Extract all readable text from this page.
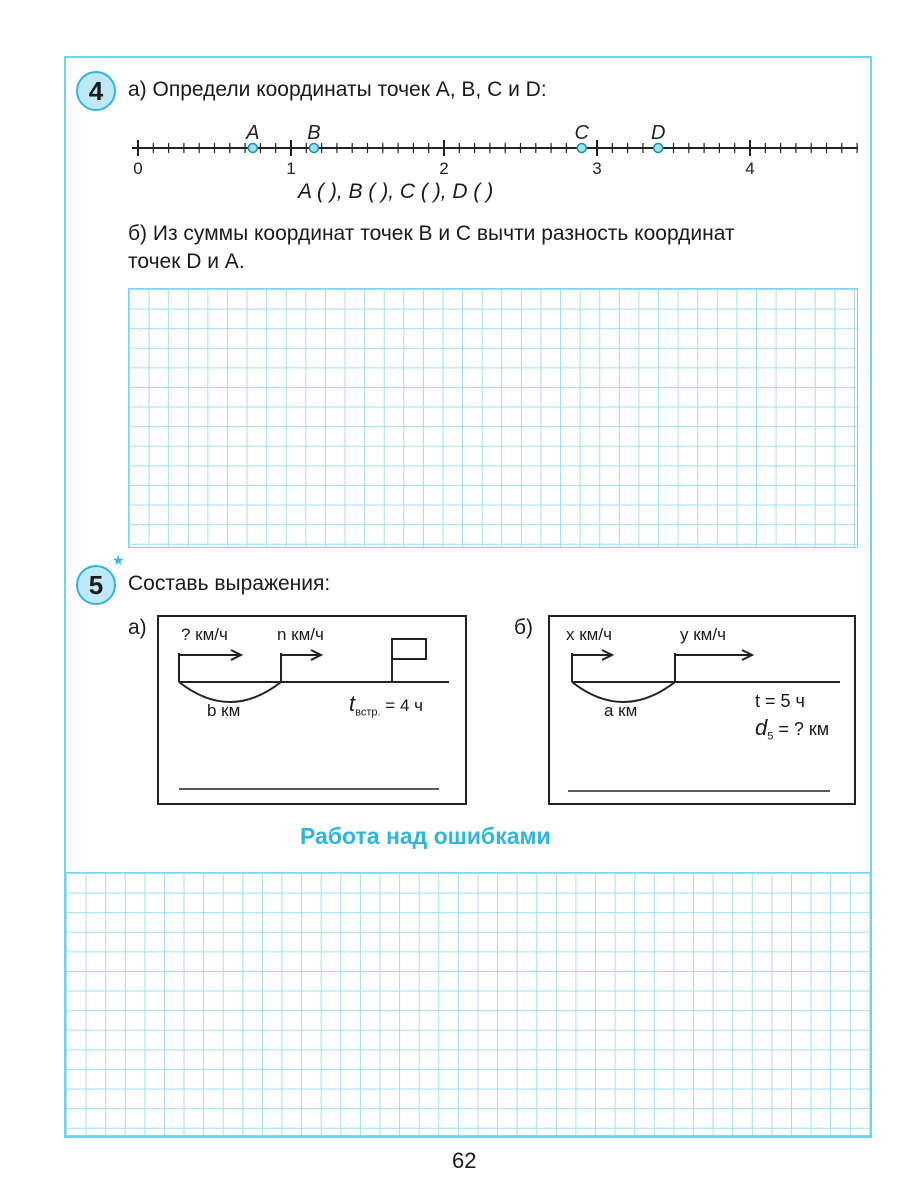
4	а) Определи координаты точек A, B, C и D:
0	1	2	3	4
A B	C	D
A ( ), B ( ), C ( ), D ( )
б) Из суммы координат точек B и C вычти разность координат
точек D и A.
5
★
Составь выражения:
а) ? км/ч	n км/ч
b км	$t_{встр.} = 4$ ч
б) x км/ч	y км/ч
a км	t = 5 ч
$d_5$ = ? км
Работа над ошибками
62
